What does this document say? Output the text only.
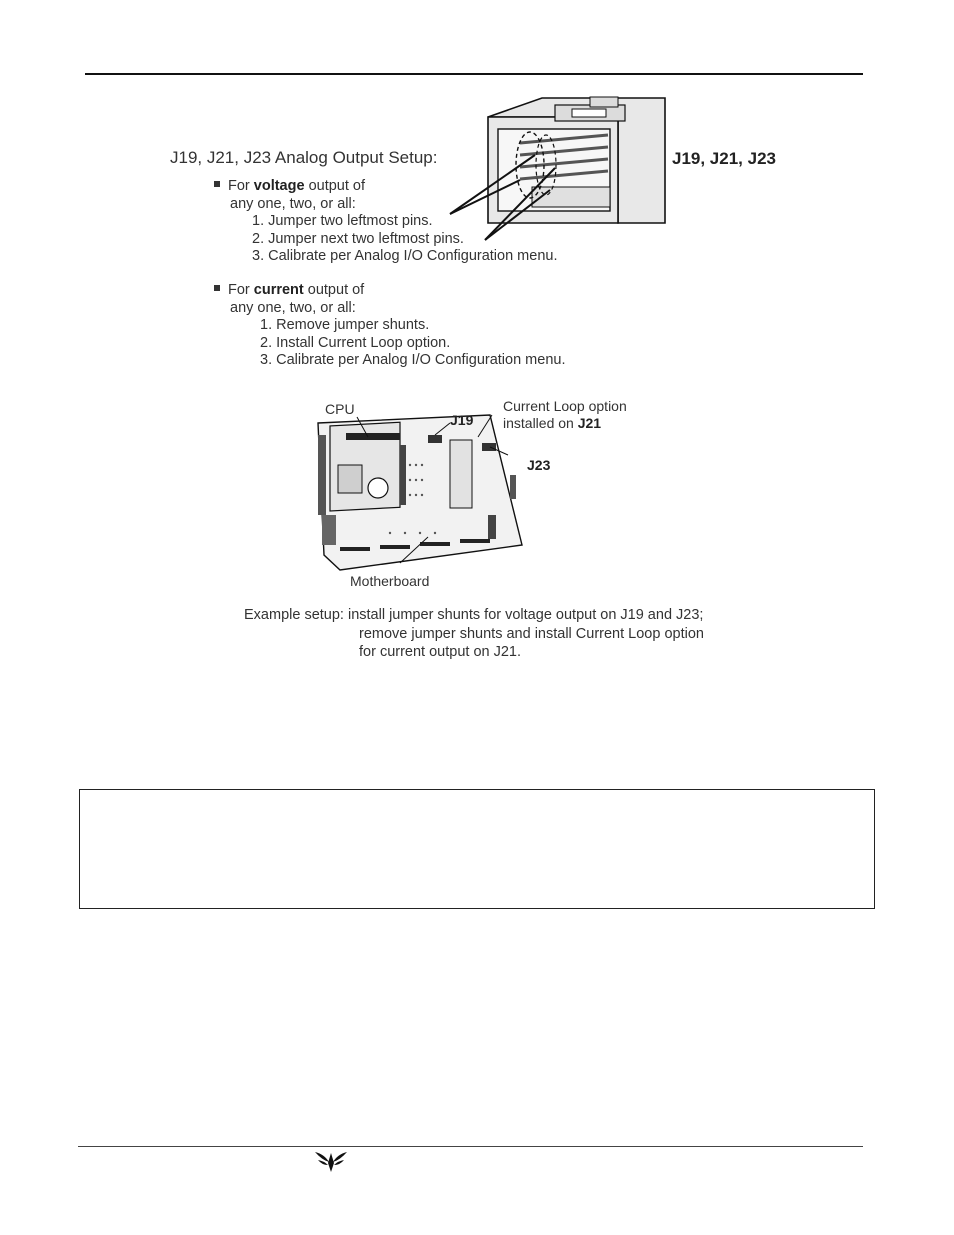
J19, J21, J23 Analog Output Setup:	J19, J21, J23
For voltage output of
any one, two, or all:
1. Jumper two leftmost pins.
2. Jumper next two leftmost pins.
3. Calibrate per Analog I/O Configuration menu.
For current output of
any one, two, or all:
1. Remove jumper shunts.
2. Install Current Loop option.
3. Calibrate per Analog I/O Configuration menu.
CPU
J19
Current Loop option
installed on J21
J23
Motherboard
Example setup: install jumper shunts for voltage output on J19 and J23;
remove jumper shunts and install Current Loop option
for current output on J21.
